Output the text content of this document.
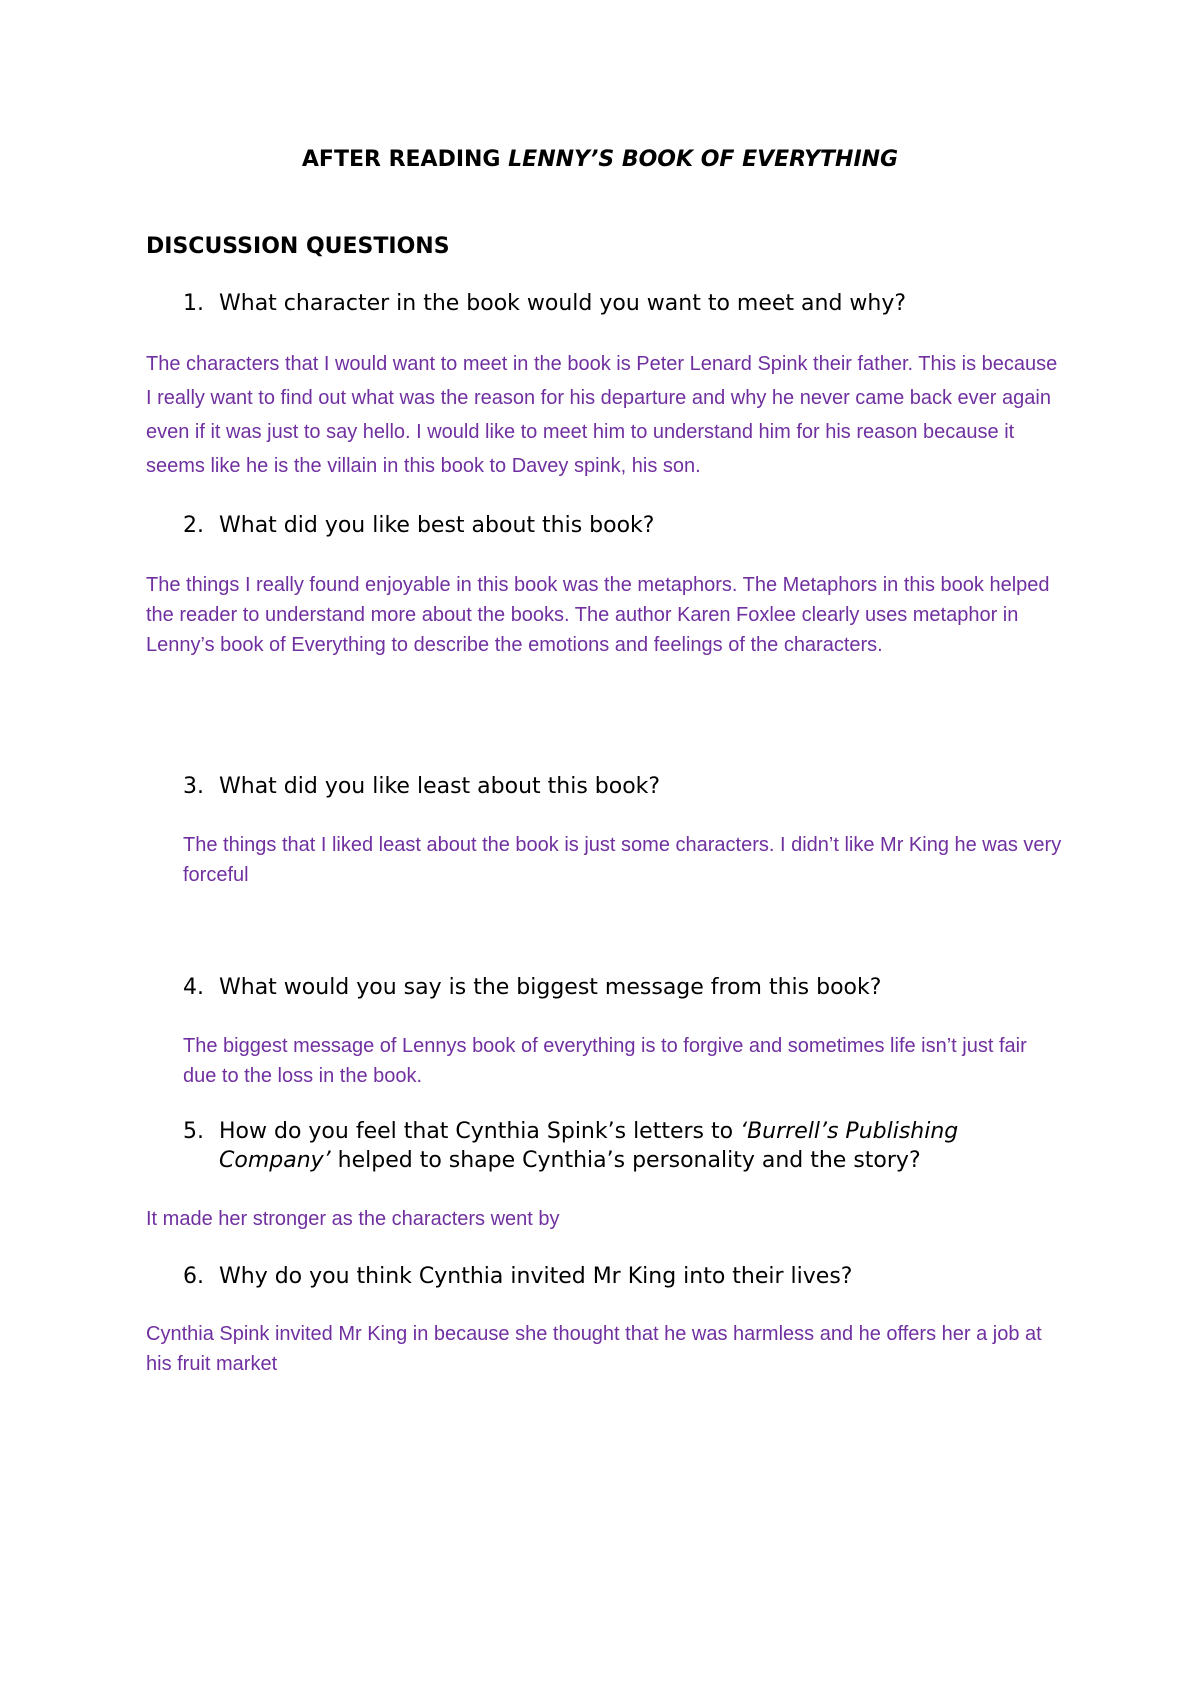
AFTER READING LENNY’S BOOK OF EVERYTHING
DISCUSSION QUESTIONS
1. What character in the book would you want to meet and why?
The characters that I would want to meet in the book is Peter Lenard Spink their father. This is because I really want to find out what was the reason for his departure and why he never came back ever again even if it was just to say hello. I would like to meet him to understand him for his reason because it seems like he is the villain in this book to Davey spink, his son.
2. What did you like best about this book?
The things I really found enjoyable in this book was the metaphors. The Metaphors in this book helped the reader to understand more about the books. The author Karen Foxlee clearly uses metaphor in Lenny’s book of Everything to describe the emotions and feelings of the characters.
3. What did you like least about this book?
The things that I liked least about the book is just some characters. I didn’t like Mr King he was very forceful
4. What would you say is the biggest message from this book?
The biggest message of Lennys book of everything is to forgive and sometimes life isn’t just fair due to the loss in the book.
5. How do you feel that Cynthia Spink’s letters to ‘Burrell’s Publishing Company’ helped to shape Cynthia’s personality and the story?
It made her stronger as the characters went by
6. Why do you think Cynthia invited Mr King into their lives?
Cynthia Spink invited Mr King in because she thought that he was harmless and he offers her a job at his fruit market
